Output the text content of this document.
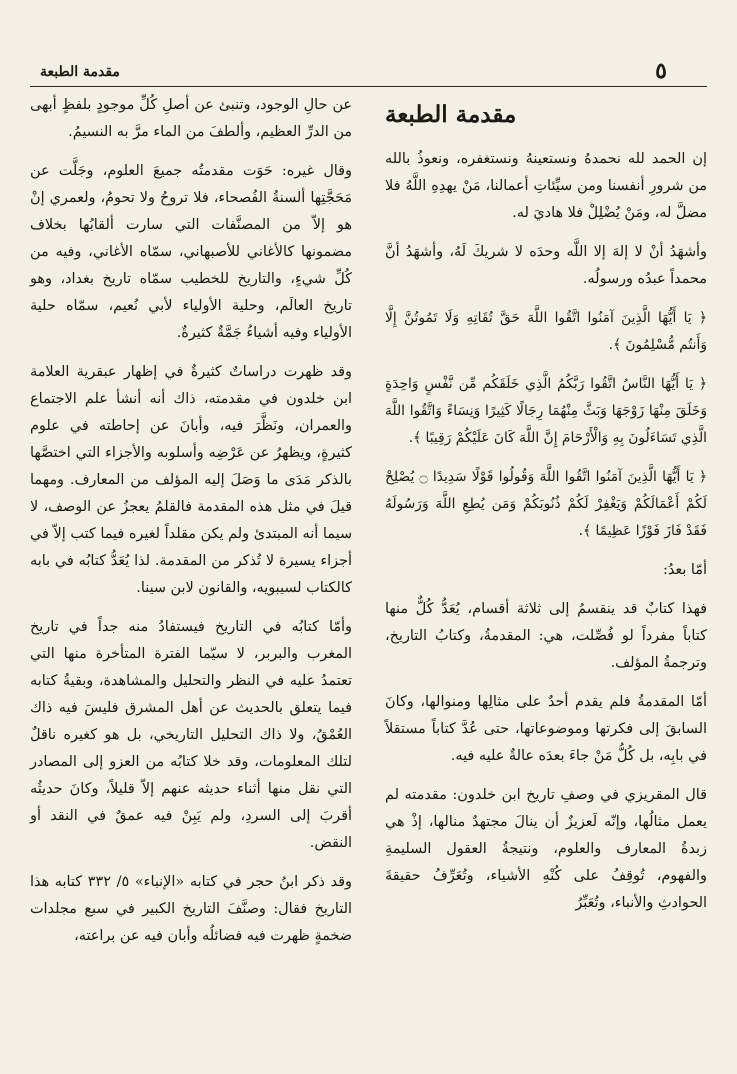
٥
مقدمة الطبعة
مقدمة الطبعة

إن الحمد لله نحمدهُ ونستعينهُ ونستغفره، ونعوذُ بالله من شرورِ أنفسنا ومن سيِّئاتِ أعمالنا، مَنْ يهدِهِ اللَّهُ فلا مضلَّ له، ومَنْ يُضْلِلْ فلا هاديَ له.

وأشهَدُ أنْ لا إلهَ إلا اللَّه وحدَه لا شريكَ لَهُ، وأشهَدُ أنَّ محمداً عبدُه ورسولُه.

﴿ يَا أَيُّهَا الَّذِينَ آمَنُوا اتَّقُوا اللَّهَ حَقَّ تُقَاتِهِ وَلَا تَمُوتُنَّ إِلَّا وَأَنتُم مُّسْلِمُونَ ﴾.

﴿ يَا أَيُّهَا النَّاسُ اتَّقُوا رَبَّكُمُ الَّذِي خَلَقَكُم مِّن نَّفْسٍ وَاحِدَةٍ وَخَلَقَ مِنْهَا زَوْجَهَا وَبَثَّ مِنْهُمَا رِجَالًا كَثِيرًا وَنِسَاءً وَاتَّقُوا اللَّهَ الَّذِي تَسَاءَلُونَ بِهِ وَالْأَرْحَامَ إِنَّ اللَّهَ كَانَ عَلَيْكُمْ رَقِيبًا ﴾.

﴿ يَا أَيُّهَا الَّذِينَ آمَنُوا اتَّقُوا اللَّهَ وَقُولُوا قَوْلًا سَدِيدًا ۝ يُصْلِحْ لَكُمْ أَعْمَالَكُمْ وَيَغْفِرْ لَكُمْ ذُنُوبَكُمْ وَمَن يُطِعِ اللَّهَ وَرَسُولَهُ فَقَدْ فَازَ فَوْزًا عَظِيمًا ﴾.

أمّا بعدُ:

فهذا كتابٌ قد ينقسمُ إلى ثلاثة أقسام، يُعَدُّ كُلٌّ منها كتاباً مفرداً لو فُصِّلت، هي: المقدمةُ، وكتابُ التاريخ، وترجمةُ المؤلف.

أمّا المقدمةُ فلم يقدم أحدٌ على مثالِها ومنوالها، وكانَ السابقَ إلى فكرتها وموضوعاتها، حتى عُدَّ كتاباً مستقلاً في بابِه، بل كُلُّ مَنْ جاءَ بعدَه عالةٌ عليه فيه.

قال المقريزي في وصفِ تاريخ ابن خلدون: مقدمته لم يعمل مثالُها، وإنّه لَعزيزٌ أن ينالَ مجتهدٌ منالها، إذْ هي زبدةُ المعارف والعلوم، ونتيجةُ العقول السليمةِ والفهوم، تُوقِفُ على كُنْهِ الأشياء، وتُعَرِّفُ حقيقةَ الحوادثِ والأنباء، وتُعَبِّرُ

عن حالِ الوجود، وتنبئ عن أصلِ كُلِّ موجودٍ بلفظٍ أبهى من الدرِّ العظيم، وألطفَ من الماء مرَّ به النسيمُ.

وقال غيره: حَوَت مقدمتُه جميعَ العلوم، وجَلَّت عن مَحَجَّتِها ألسنةُ الفُصحاء، فلا تروحُ ولا تحومُ، ولعمري إنْ هو إلاّ من المصنَّفات التي سارت ألقابُها بخلاف مضمونها كالأغاني للأصبهاني، سمّاه الأغاني، وفيه من كُلِّ شيءٍ، والتاريخ للخطيب سمّاه تاريخ بغداد، وهو تاريخ العالَم، وحلية الأولياء لأبي نُعيم، سمّاه حلية الأولياء وفيه أشياءُ جَمَّةٌ كثيرةٌ.

وقد ظهرت دراساتٌ كثيرةٌ في إظهار عبقرية العلامة ابن خلدون في مقدمته، ذاك أنه أنشأ علم الاجتماع والعمران، ونَظَّرَ فيه، وأبانَ عن إحاطته في علوم كثيرةٍ، ويظهرُ عن عَرْضِه وأسلوبه والأجزاء التي اختصَّها بالذكر مَدَى ما وَصَلَ إليه المؤلف من المعارف. ومهما قيلَ في مثل هذه المقدمة فالقلمُ يعجزُ عن الوصف، لا سيما أنه المبتدئ ولم يكن مقلداً لغيره فيما كتب إلاّ في أجزاء يسيرة لا تُذكر من المقدمة. لذا يُعَدُّ كتابُه في بابه كالكتاب لسيبويه، والقانون لابن سينا.

وأمّا كتابُه في التاريخ فيستفادُ منه جداً في تاريخ المغرب والبربر، لا سيّما الفترة المتأخرة منها التي تعتمدُ عليه في النظر والتحليل والمشاهدة، وبقيةُ كتابه فيما يتعلق بالحديث عن أهل المشرق فليسَ فيه ذاك العُمْقُ، ولا ذاك التحليل التاريخي، بل هو كغيره ناقلٌ لتلك المعلومات، وقد خلا كتابُه من العزو إلى المصادر التي نقل منها أثناء حديثه عنهم إلاّ قليلاً، وكانَ حديثُه أقربَ إلى السردِ، ولم يَبِنْ فيه عمقٌ في النقد أو النقض.

وقد ذكر ابنُ حجر في كتابه «الإنباء» ٥/ ٣٣٢ كتابه هذا التاريخ فقال: وصنَّفَ التاريخ الكبير في سبع مجلدات ضخمةٍ ظهرت فيه فضائلُه وأبان فيه عن براعته،
